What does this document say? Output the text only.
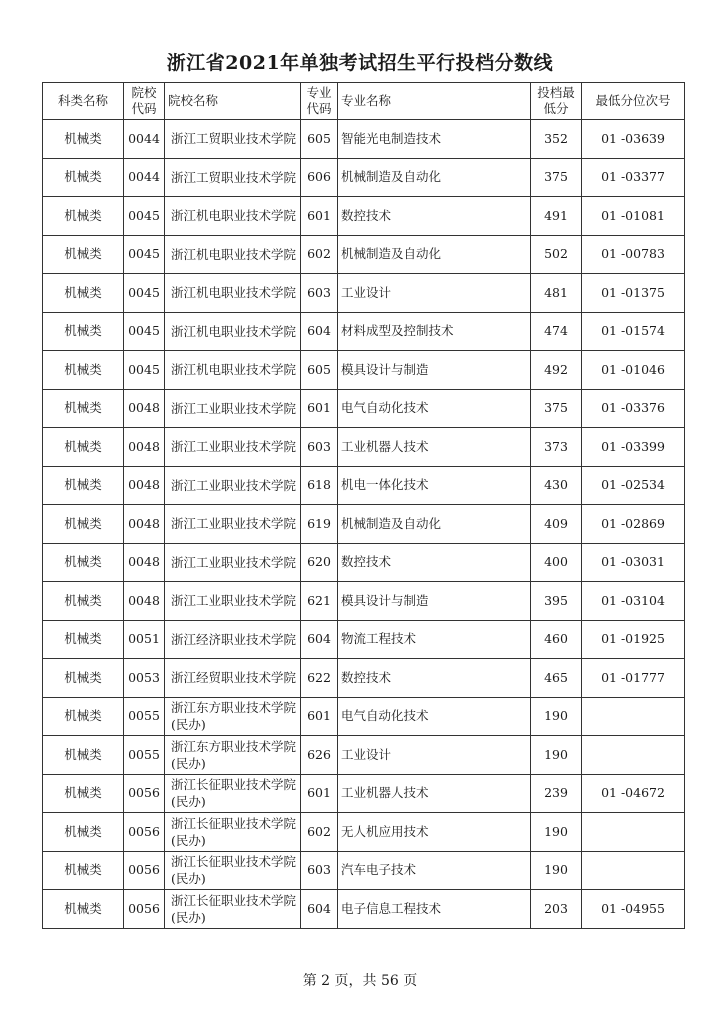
浙江省2021年单独考试招生平行投档分数线
科类名称	院校代码	院校名称	专业代码	专业名称	投档最低分	最低分位次号
机械类	0044	浙江工贸职业技术学院	605	智能光电制造技术	352	01 -03639
机械类	0044	浙江工贸职业技术学院	606	机械制造及自动化	375	01 -03377
机械类	0045	浙江机电职业技术学院	601	数控技术	491	01 -01081
机械类	0045	浙江机电职业技术学院	602	机械制造及自动化	502	01 -00783
机械类	0045	浙江机电职业技术学院	603	工业设计	481	01 -01375
机械类	0045	浙江机电职业技术学院	604	材料成型及控制技术	474	01 -01574
机械类	0045	浙江机电职业技术学院	605	模具设计与制造	492	01 -01046
机械类	0048	浙江工业职业技术学院	601	电气自动化技术	375	01 -03376
机械类	0048	浙江工业职业技术学院	603	工业机器人技术	373	01 -03399
机械类	0048	浙江工业职业技术学院	618	机电一体化技术	430	01 -02534
机械类	0048	浙江工业职业技术学院	619	机械制造及自动化	409	01 -02869
机械类	0048	浙江工业职业技术学院	620	数控技术	400	01 -03031
机械类	0048	浙江工业职业技术学院	621	模具设计与制造	395	01 -03104
机械类	0051	浙江经济职业技术学院	604	物流工程技术	460	01 -01925
机械类	0053	浙江经贸职业技术学院	622	数控技术	465	01 -01777
机械类	0055	浙江东方职业技术学院(民办)	601	电气自动化技术	190	
机械类	0055	浙江东方职业技术学院(民办)	626	工业设计	190	
机械类	0056	浙江长征职业技术学院(民办)	601	工业机器人技术	239	01 -04672
机械类	0056	浙江长征职业技术学院(民办)	602	无人机应用技术	190	
机械类	0056	浙江长征职业技术学院(民办)	603	汽车电子技术	190	
机械类	0056	浙江长征职业技术学院(民办)	604	电子信息工程技术	203	01 -04955
第 2 页，共 56 页
